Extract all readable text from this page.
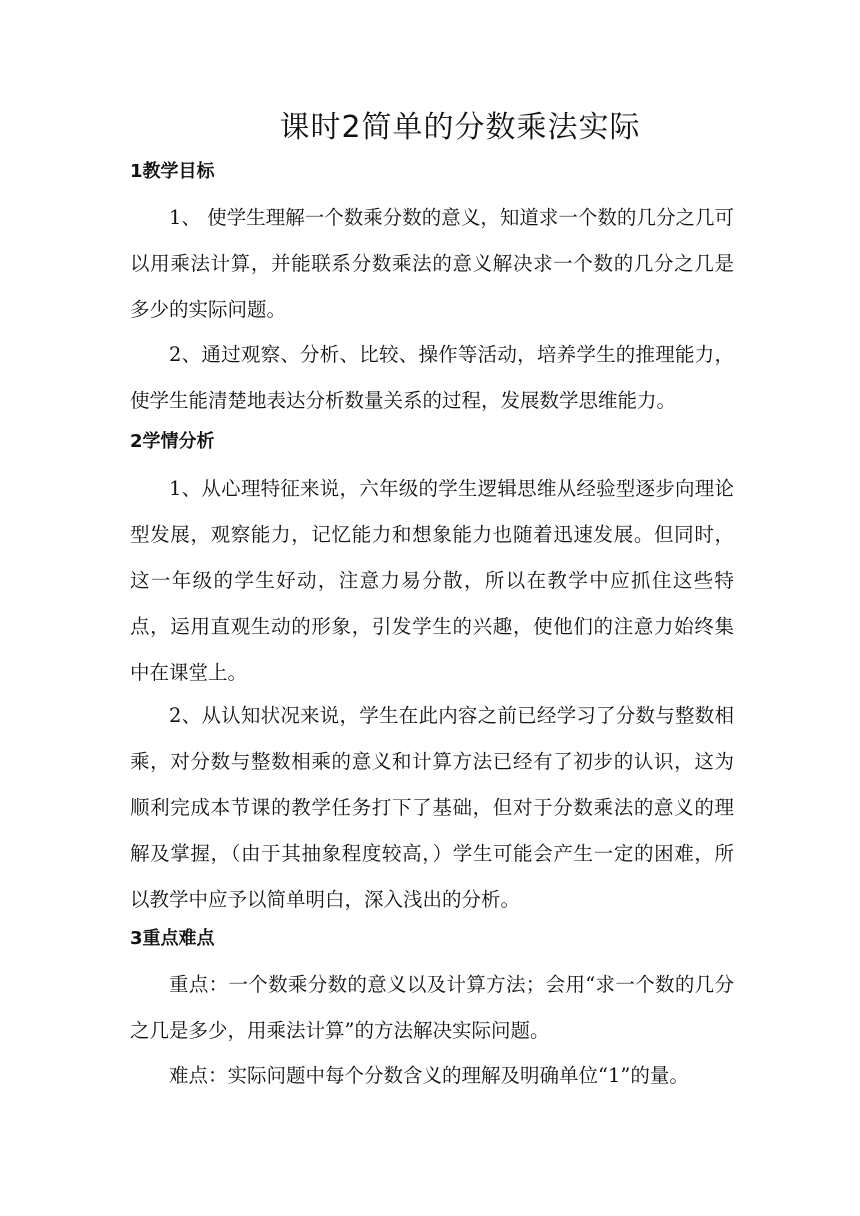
课时2简单的分数乘法实际
1教学目标

1、 使学生理解一个数乘分数的意义，知道求一个数的几分之几可以用乘法计算，并能联系分数乘法的意义解决求一个数的几分之几是多少的实际问题。

2、通过观察、分析、比较、操作等活动，培养学生的推理能力，使学生能清楚地表达分析数量关系的过程，发展数学思维能力。

2学情分析

1、从心理特征来说，六年级的学生逻辑思维从经验型逐步向理论型发展，观察能力，记忆能力和想象能力也随着迅速发展。但同时，这一年级的学生好动，注意力易分散，所以在教学中应抓住这些特点，运用直观生动的形象，引发学生的兴趣，使他们的注意力始终集中在课堂上。

2、从认知状况来说，学生在此内容之前已经学习了分数与整数相乘，对分数与整数相乘的意义和计算方法已经有了初步的认识，这为顺利完成本节课的教学任务打下了基础，但对于分数乘法的意义的理解及掌握，（由于其抽象程度较高，）学生可能会产生一定的困难，所以教学中应予以简单明白，深入浅出的分析。

3重点难点

重点：一个数乘分数的意义以及计算方法；会用“求一个数的几分之几是多少，用乘法计算”的方法解决实际问题。

难点：实际问题中每个分数含义的理解及明确单位“1”的量。
